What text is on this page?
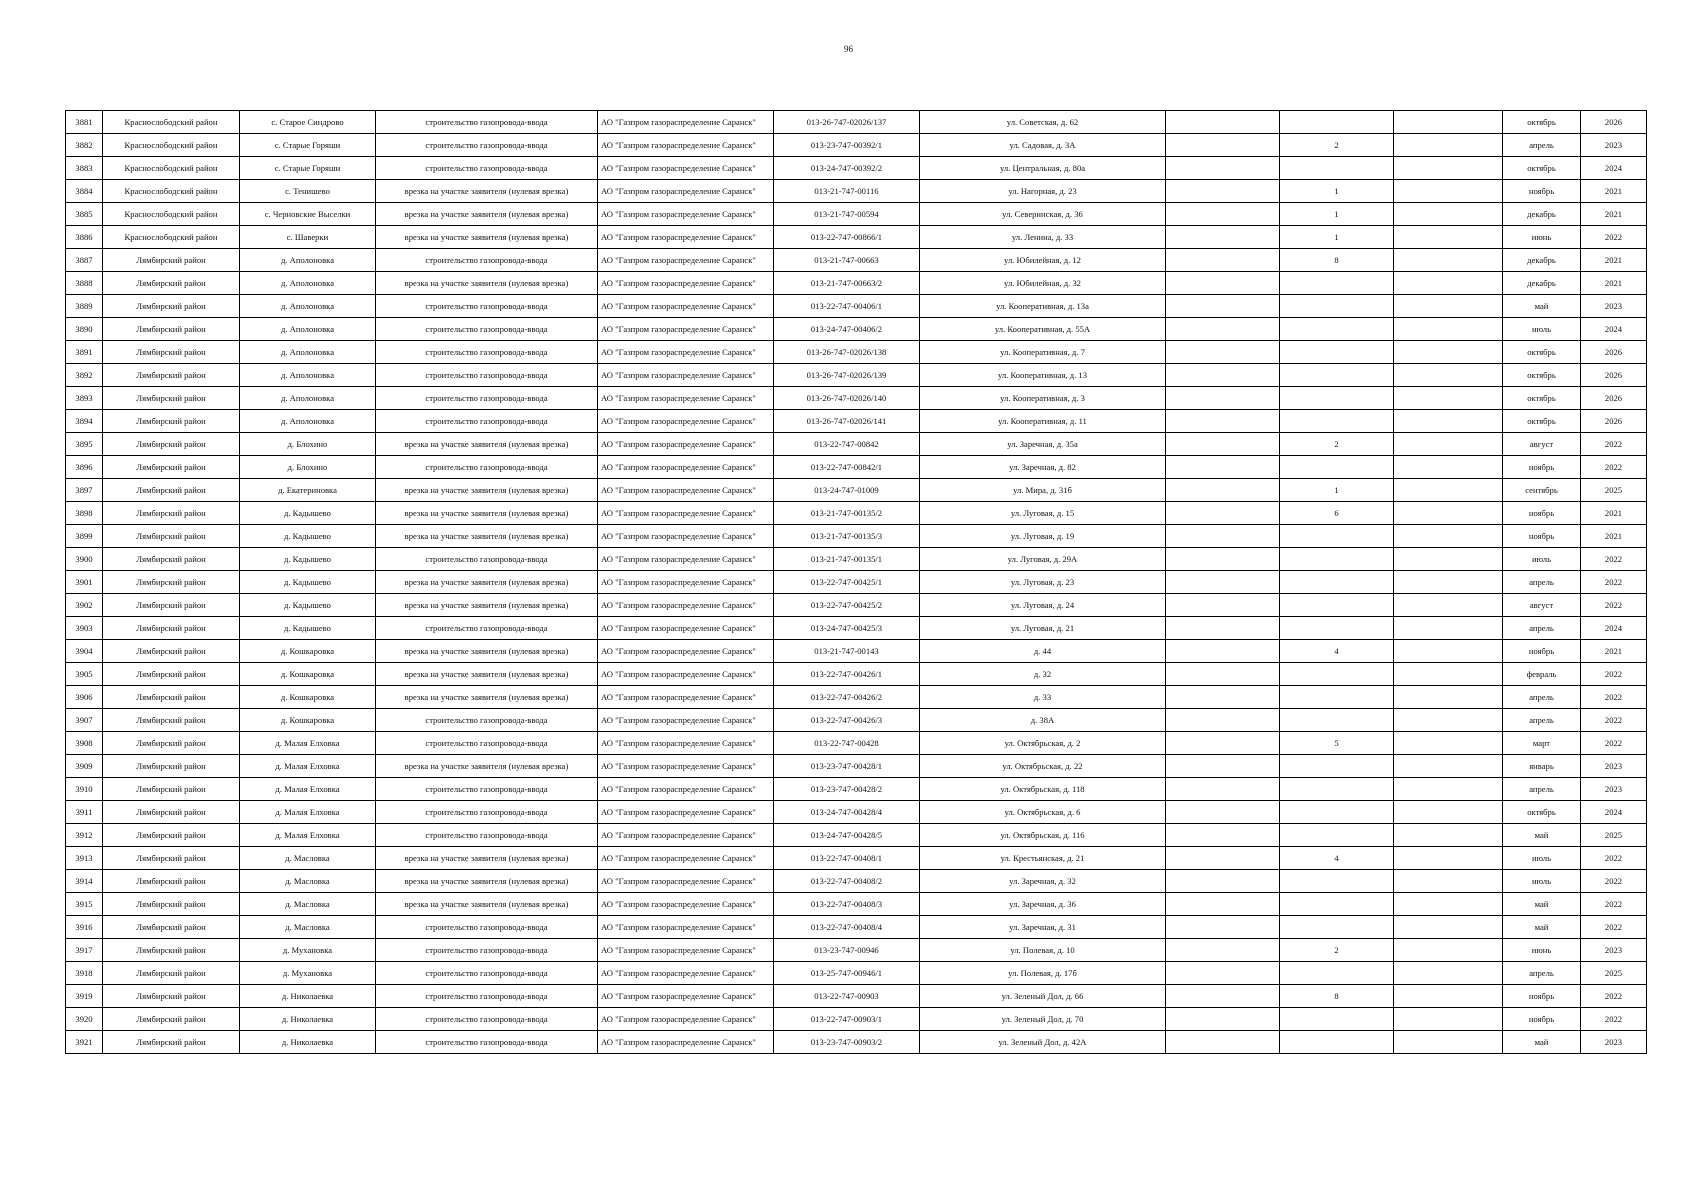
96
3881	Краснослободский район	с. Старое Синдрово	строительство газопровода-ввода	АО "Газпром газораспределение Саранск"	013-26-747-02026/137	ул. Советская, д. 62				октябрь	2026
3882	Краснослободский район	с. Старые Горяши	строительство газопровода-ввода	АО "Газпром газораспределение Саранск"	013-23-747-00392/1	ул. Садовая, д. 3А		2		апрель	2023
3883	Краснослободский район	с. Старые Горяши	строительство газопровода-ввода	АО "Газпром газораспределение Саранск"	013-24-747-00392/2	ул. Центральная, д. 80а				октябрь	2024
3884	Краснослободский район	с. Тенишево	врезка на участке заявителя (нулевая врезка)	АО "Газпром газораспределение Саранск"	013-21-747-00116	ул. Нагорная, д. 23		1		ноябрь	2021
3885	Краснослободский район	с. Черновские Выселки	врезка на участке заявителя (нулевая врезка)	АО "Газпром газораспределение Саранск"	013-21-747-00594	ул. Северинская, д. 36		1		декабрь	2021
3886	Краснослободский район	с. Шаверки	врезка на участке заявителя (нулевая врезка)	АО "Газпром газораспределение Саранск"	013-22-747-00866/1	ул. Ленина, д. 33		1		июнь	2022
3887	Лямбирский район	д. Аполоновка	строительство газопровода-ввода	АО "Газпром газораспределение Саранск"	013-21-747-00663	ул. Юбилейная, д. 12		8		декабрь	2021
3888	Лямбирский район	д. Аполоновка	врезка на участке заявителя (нулевая врезка)	АО "Газпром газораспределение Саранск"	013-21-747-00663/2	ул. Юбилейная, д. 32				декабрь	2021
3889	Лямбирский район	д. Аполоновка	строительство газопровода-ввода	АО "Газпром газораспределение Саранск"	013-22-747-00406/1	ул. Кооперативная, д. 13а				май	2023
3890	Лямбирский район	д. Аполоновка	строительство газопровода-ввода	АО "Газпром газораспределение Саранск"	013-24-747-00406/2	ул. Кооперативная, д. 55А				июль	2024
3891	Лямбирский район	д. Аполоновка	строительство газопровода-ввода	АО "Газпром газораспределение Саранск"	013-26-747-02026/138	ул. Кооперативная, д. 7				октябрь	2026
3892	Лямбирский район	д. Аполоновка	строительство газопровода-ввода	АО "Газпром газораспределение Саранск"	013-26-747-02026/139	ул. Кооперативная, д. 13				октябрь	2026
3893	Лямбирский район	д. Аполоновка	строительство газопровода-ввода	АО "Газпром газораспределение Саранск"	013-26-747-02026/140	ул. Кооперативная, д. 3				октябрь	2026
3894	Лямбирский район	д. Аполоновка	строительство газопровода-ввода	АО "Газпром газораспределение Саранск"	013-26-747-02026/141	ул. Кооперативная, д. 11				октябрь	2026
3895	Лямбирский район	д. Блохино	врезка на участке заявителя (нулевая врезка)	АО "Газпром газораспределение Саранск"	013-22-747-00842	ул. Заречная, д. 35а		2		август	2022
3896	Лямбирский район	д. Блохино	строительство газопровода-ввода	АО "Газпром газораспределение Саранск"	013-22-747-00842/1	ул. Заречная, д. 82				ноябрь	2022
3897	Лямбирский район	д. Екатериновка	врезка на участке заявителя (нулевая врезка)	АО "Газпром газораспределение Саранск"	013-24-747-01009	ул. Мира, д. 31б		1		сентябрь	2025
3898	Лямбирский район	д. Кадышево	врезка на участке заявителя (нулевая врезка)	АО "Газпром газораспределение Саранск"	013-21-747-00135/2	ул. Луговая, д. 15		6		ноябрь	2021
3899	Лямбирский район	д. Кадышево	врезка на участке заявителя (нулевая врезка)	АО "Газпром газораспределение Саранск"	013-21-747-00135/3	ул. Луговая, д. 19				ноябрь	2021
3900	Лямбирский район	д. Кадышево	строительство газопровода-ввода	АО "Газпром газораспределение Саранск"	013-21-747-00135/1	ул. Луговая, д. 29А				июль	2022
3901	Лямбирский район	д. Кадышево	врезка на участке заявителя (нулевая врезка)	АО "Газпром газораспределение Саранск"	013-22-747-00425/1	ул. Луговая, д. 23				апрель	2022
3902	Лямбирский район	д. Кадышево	врезка на участке заявителя (нулевая врезка)	АО "Газпром газораспределение Саранск"	013-22-747-00425/2	ул. Луговая, д. 24				август	2022
3903	Лямбирский район	д. Кадышево	строительство газопровода-ввода	АО "Газпром газораспределение Саранск"	013-24-747-00425/3	ул. Луговая, д. 21				апрель	2024
3904	Лямбирский район	д. Кошкаровка	врезка на участке заявителя (нулевая врезка)	АО "Газпром газораспределение Саранск"	013-21-747-00143	д. 44		4		ноябрь	2021
3905	Лямбирский район	д. Кошкаровка	врезка на участке заявителя (нулевая врезка)	АО "Газпром газораспределение Саранск"	013-22-747-00426/1	д. 32				февраль	2022
3906	Лямбирский район	д. Кошкаровка	врезка на участке заявителя (нулевая врезка)	АО "Газпром газораспределение Саранск"	013-22-747-00426/2	д. 33				апрель	2022
3907	Лямбирский район	д. Кошкаровка	строительство газопровода-ввода	АО "Газпром газораспределение Саранск"	013-22-747-00426/3	д. 38А				апрель	2022
3908	Лямбирский район	д. Малая Елховка	строительство газопровода-ввода	АО "Газпром газораспределение Саранск"	013-22-747-00428	ул. Октябрьская, д. 2		5		март	2022
3909	Лямбирский район	д. Малая Елховка	врезка на участке заявителя (нулевая врезка)	АО "Газпром газораспределение Саранск"	013-23-747-00428/1	ул. Октябрьская, д. 22				январь	2023
3910	Лямбирский район	д. Малая Елховка	строительство газопровода-ввода	АО "Газпром газораспределение Саранск"	013-23-747-00428/2	ул. Октябрьская, д. 118				апрель	2023
3911	Лямбирский район	д. Малая Елховка	строительство газопровода-ввода	АО "Газпром газораспределение Саранск"	013-24-747-00428/4	ул. Октябрьская, д. 6				октябрь	2024
3912	Лямбирский район	д. Малая Елховка	строительство газопровода-ввода	АО "Газпром газораспределение Саранск"	013-24-747-00428/5	ул. Октябрьская, д. 116				май	2025
3913	Лямбирский район	д. Масловка	врезка на участке заявителя (нулевая врезка)	АО "Газпром газораспределение Саранск"	013-22-747-00408/1	ул. Крестьянская, д. 21		4		июль	2022
3914	Лямбирский район	д. Масловка	врезка на участке заявителя (нулевая врезка)	АО "Газпром газораспределение Саранск"	013-22-747-00408/2	ул. Заречная, д. 32				июль	2022
3915	Лямбирский район	д. Масловка	врезка на участке заявителя (нулевая врезка)	АО "Газпром газораспределение Саранск"	013-22-747-00408/3	ул. Заречная, д. 36				май	2022
3916	Лямбирский район	д. Масловка	строительство газопровода-ввода	АО "Газпром газораспределение Саранск"	013-22-747-00408/4	ул. Заречная, д. 31				май	2022
3917	Лямбирский район	д. Мухановка	строительство газопровода-ввода	АО "Газпром газораспределение Саранск"	013-23-747-00946	ул. Полевая, д. 10		2		июнь	2023
3918	Лямбирский район	д. Мухановка	строительство газопровода-ввода	АО "Газпром газораспределение Саранск"	013-25-747-00946/1	ул. Полевая, д. 17б				апрель	2025
3919	Лямбирский район	д. Николаевка	строительство газопровода-ввода	АО "Газпром газораспределение Саранск"	013-22-747-00903	ул. Зеленый Дол, д. 66		8		ноябрь	2022
3920	Лямбирский район	д. Николаевка	строительство газопровода-ввода	АО "Газпром газораспределение Саранск"	013-22-747-00903/1	ул. Зеленый Дол, д. 70				ноябрь	2022
3921	Лямбирский район	д. Николаевка	строительство газопровода-ввода	АО "Газпром газораспределение Саранск"	013-23-747-00903/2	ул. Зеленый Дол, д. 42А				май	2023
